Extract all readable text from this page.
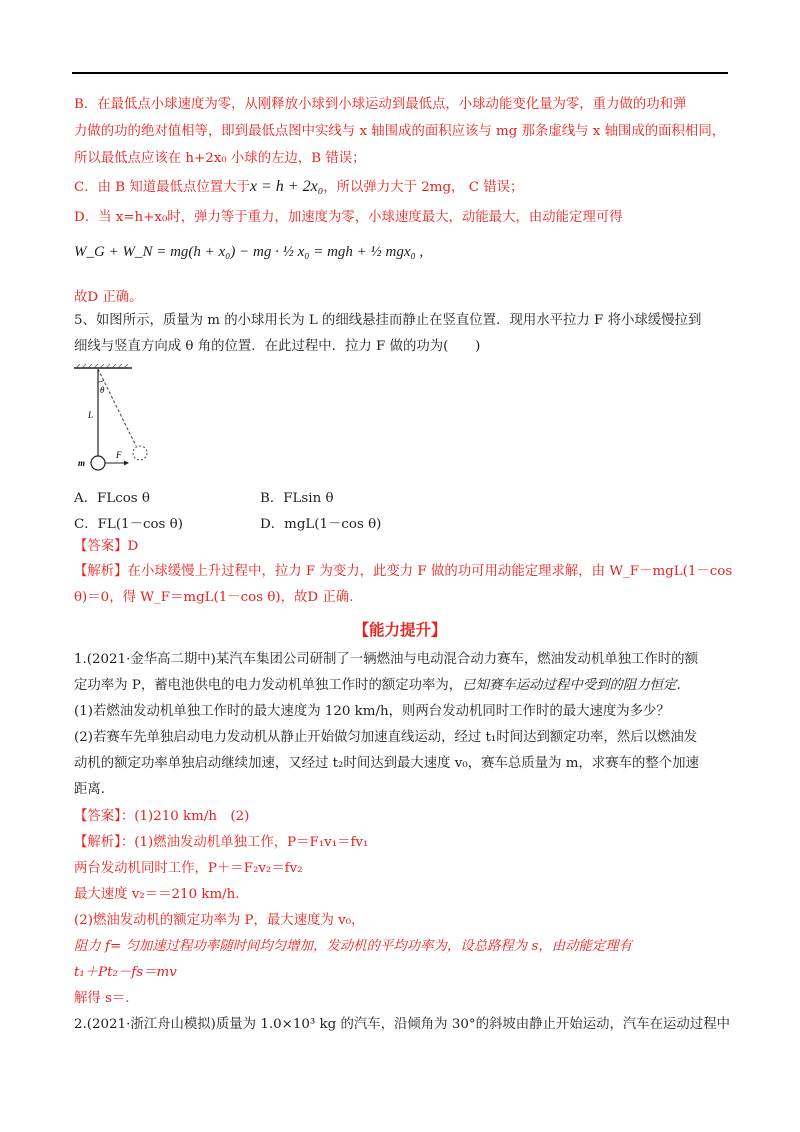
B．在最低点小球速度为零，从刚释放小球到小球运动到最低点，小球动能变化量为零，重力做的功和弹
力做的功的绝对值相等，即到最低点图中实线与 x 轴围成的面积应该与 mg 那条虚线与 x 轴围成的面积相同，
所以最低点应该在 h+2x₀ 小球的左边，B 错误；
C．由 B 知道最低点位置大于x = h + 2x₀，所以弹力大于 2mg， C 错误；
D．当 x=h+x₀时，弹力等于重力，加速度为零，小球速度最大，动能最大，由动能定理可得
W_G + W_N = mg(h + x₀) − mg · ½ x₀ = mgh + ½ mgx₀ ,
故D 正确。
5、如图所示，质量为 m 的小球用长为 L 的细线悬挂而静止在竖直位置．现用水平拉力 F 将小球缓慢拉到
细线与竖直方向成 θ 角的位置．在此过程中．拉力 F 做的功为(　　)
θ
L
m
F
A．FLcos θ	B．FLsin θ
C．FL(1－cos θ)	D．mgL(1－cos θ)
【答案】D
【解析】在小球缓慢上升过程中，拉力 F 为变力，此变力 F 做的功可用动能定理求解，由 W_F－mgL(1－cos
θ)＝0，得 W_F＝mgL(1－cos θ)，故D 正确．
【能力提升】
1.(2021·金华高二期中)某汽车集团公司研制了一辆燃油与电动混合动力赛车，燃油发动机单独工作时的额
定功率为 P，蓄电池供电的电力发动机单独工作时的额定功率为，已知赛车运动过程中受到的阻力恒定.
(1)若燃油发动机单独工作时的最大速度为 120 km/h，则两台发动机同时工作时的最大速度为多少？
(2)若赛车先单独启动电力发动机从静止开始做匀加速直线运动，经过 t₁时间达到额定功率，然后以燃油发
动机的额定功率单独启动继续加速，又经过 t₂时间达到最大速度 v₀，赛车总质量为 m，求赛车的整个加速
距离．
【答案】：(1)210 km/h　(2)
【解析】：(1)燃油发动机单独工作，P＝F₁v₁＝fv₁
两台发动机同时工作，P＋＝F₂v₂＝fv₂
最大速度 v₂＝＝210 km/h.
(2)燃油发动机的额定功率为 P，最大速度为 v₀，
阻力 f= 匀加速过程功率随时间均匀增加，发动机的平均功率为，设总路程为 s，由动能定理有
t₁＋Pt₂－fs＝mv
解得 s＝.
2.(2021·浙江舟山模拟)质量为 1.0×10³ kg 的汽车，沿倾角为 30°的斜坡由静止开始运动，汽车在运动过程中
